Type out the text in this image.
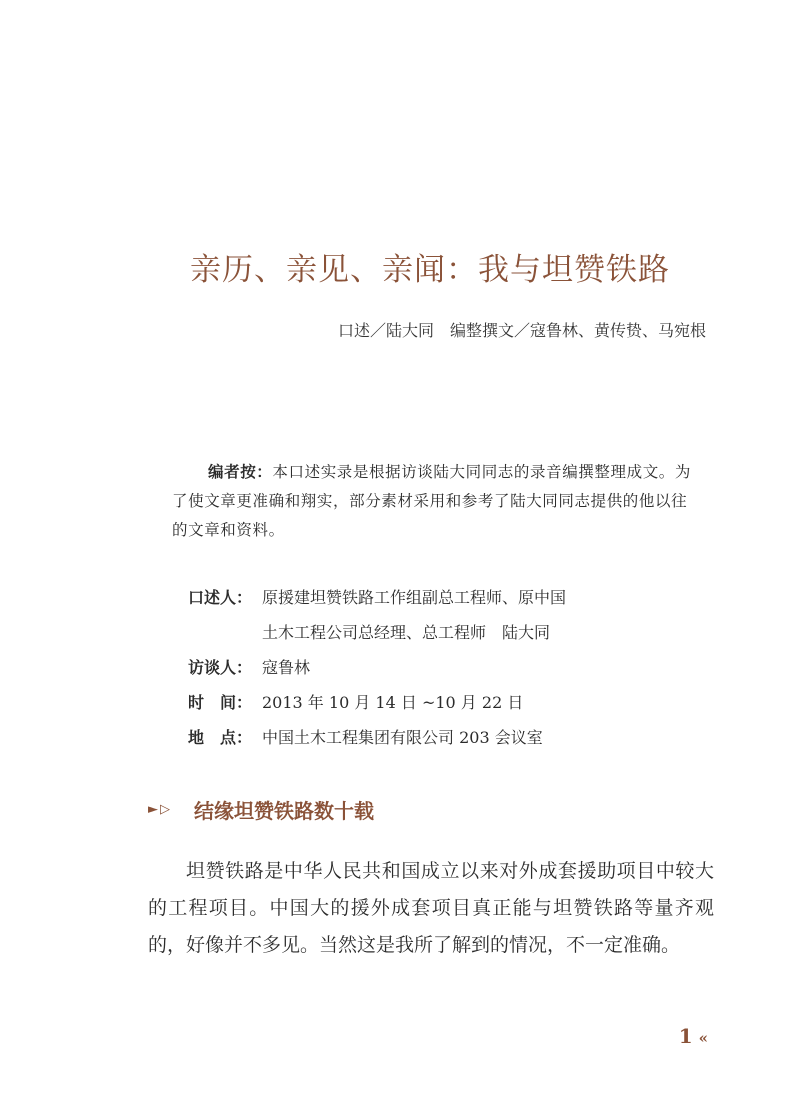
亲历、亲见、亲闻：我与坦赞铁路
口述／陆大同 编整撰文／寇鲁林、黄传贽、马宛根
编者按：本口述实录是根据访谈陆大同同志的录音编撰整理成文。为了使文章更准确和翔实，部分素材采用和参考了陆大同同志提供的他以往的文章和资料。
口述人： 原援建坦赞铁路工作组副总工程师、原中国
土木工程公司总经理、总工程师　陆大同
访谈人： 寇鲁林
时　间： 2013 年 10 月 14 日 ~10 月 22 日
地　点： 中国土木工程集团有限公司 203 会议室
►▷ 结缘坦赞铁路数十载
坦赞铁路是中华人民共和国成立以来对外成套援助项目中较大的工程项目。中国大的援外成套项目真正能与坦赞铁路等量齐观的，好像并不多见。当然这是我所了解到的情况，不一定准确。
1 «
